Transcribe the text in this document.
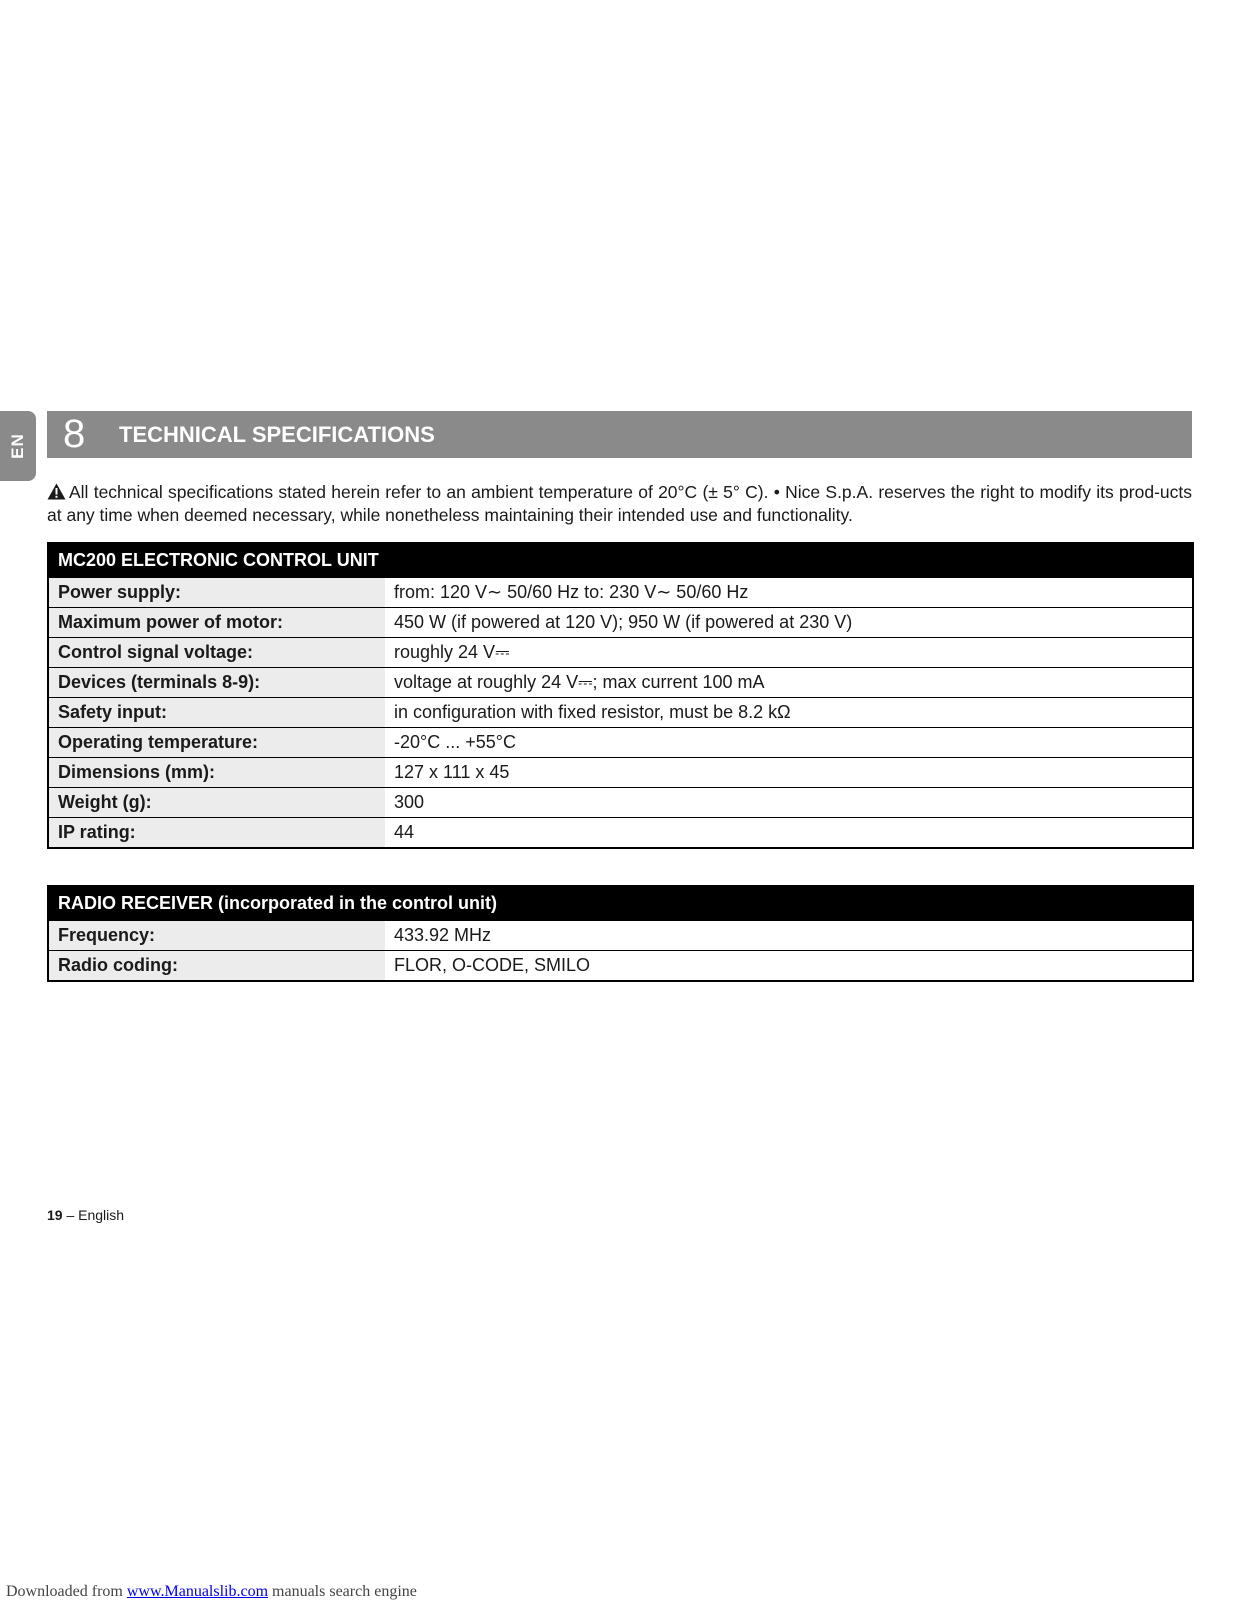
EN 8 TECHNICAL SPECIFICATIONS
All technical specifications stated herein refer to an ambient temperature of 20°C (± 5° C). • Nice S.p.A. reserves the right to modify its prod-ucts at any time when deemed necessary, while nonetheless maintaining their intended use and functionality.
MC200 ELECTRONIC CONTROL UNIT	
Power supply:	from: 120 V∼ 50/60 Hz to: 230 V∼ 50/60 Hz
Maximum power of motor:	450 W (if powered at 120 V); 950 W (if powered at 230 V)
Control signal voltage:	roughly 24 V⎓
Devices (terminals 8-9):	voltage at roughly 24 V⎓; max current 100 mA
Safety input:	in configuration with fixed resistor, must be 8.2 kΩ
Operating temperature:	-20°C ... +55°C
Dimensions (mm):	127 x 111 x 45
Weight (g):	300
IP rating:	44
RADIO RECEIVER (incorporated in the control unit)	
Frequency:	433.92 MHz
Radio coding:	FLOR, O-CODE, SMILO
19 – English
Downloaded from www.Manualslib.com manuals search engine
